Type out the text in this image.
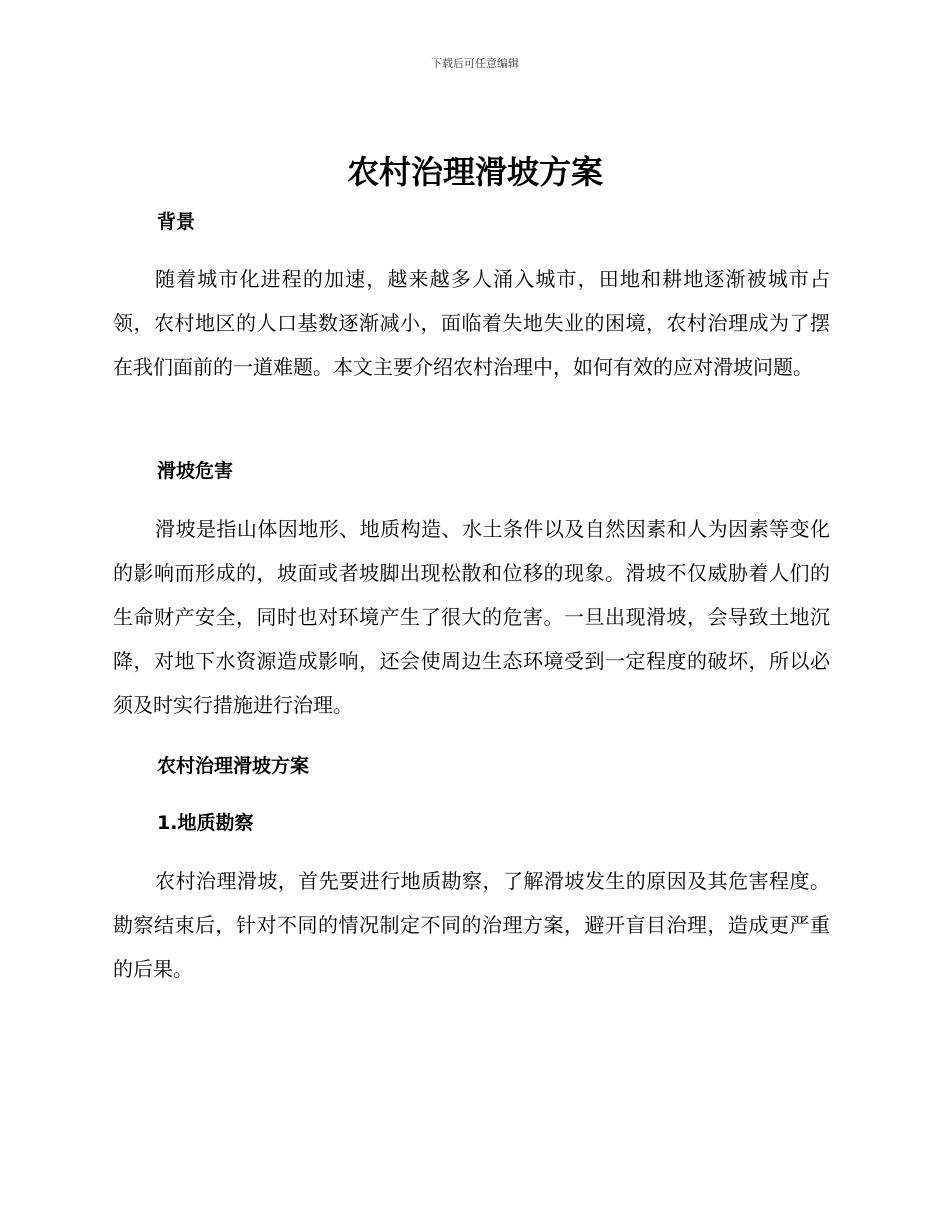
下载后可任意编辑
农村治理滑坡方案
背景

随着城市化进程的加速，越来越多人涌入城市，田地和耕地逐渐被城市占领，农村地区的人口基数逐渐减小，面临着失地失业的困境，农村治理成为了摆在我们面前的一道难题。本文主要介绍农村治理中，如何有效的应对滑坡问题。

滑坡危害

滑坡是指山体因地形、地质构造、水土条件以及自然因素和人为因素等变化的影响而形成的，坡面或者坡脚出现松散和位移的现象。滑坡不仅威胁着人们的生命财产安全，同时也对环境产生了很大的危害。一旦出现滑坡，会导致土地沉降，对地下水资源造成影响，还会使周边生态环境受到一定程度的破坏，所以必须及时实行措施进行治理。

农村治理滑坡方案
1.地质勘察

农村治理滑坡，首先要进行地质勘察，了解滑坡发生的原因及其危害程度。勘察结束后，针对不同的情况制定不同的治理方案，避开盲目治理，造成更严重的后果。
